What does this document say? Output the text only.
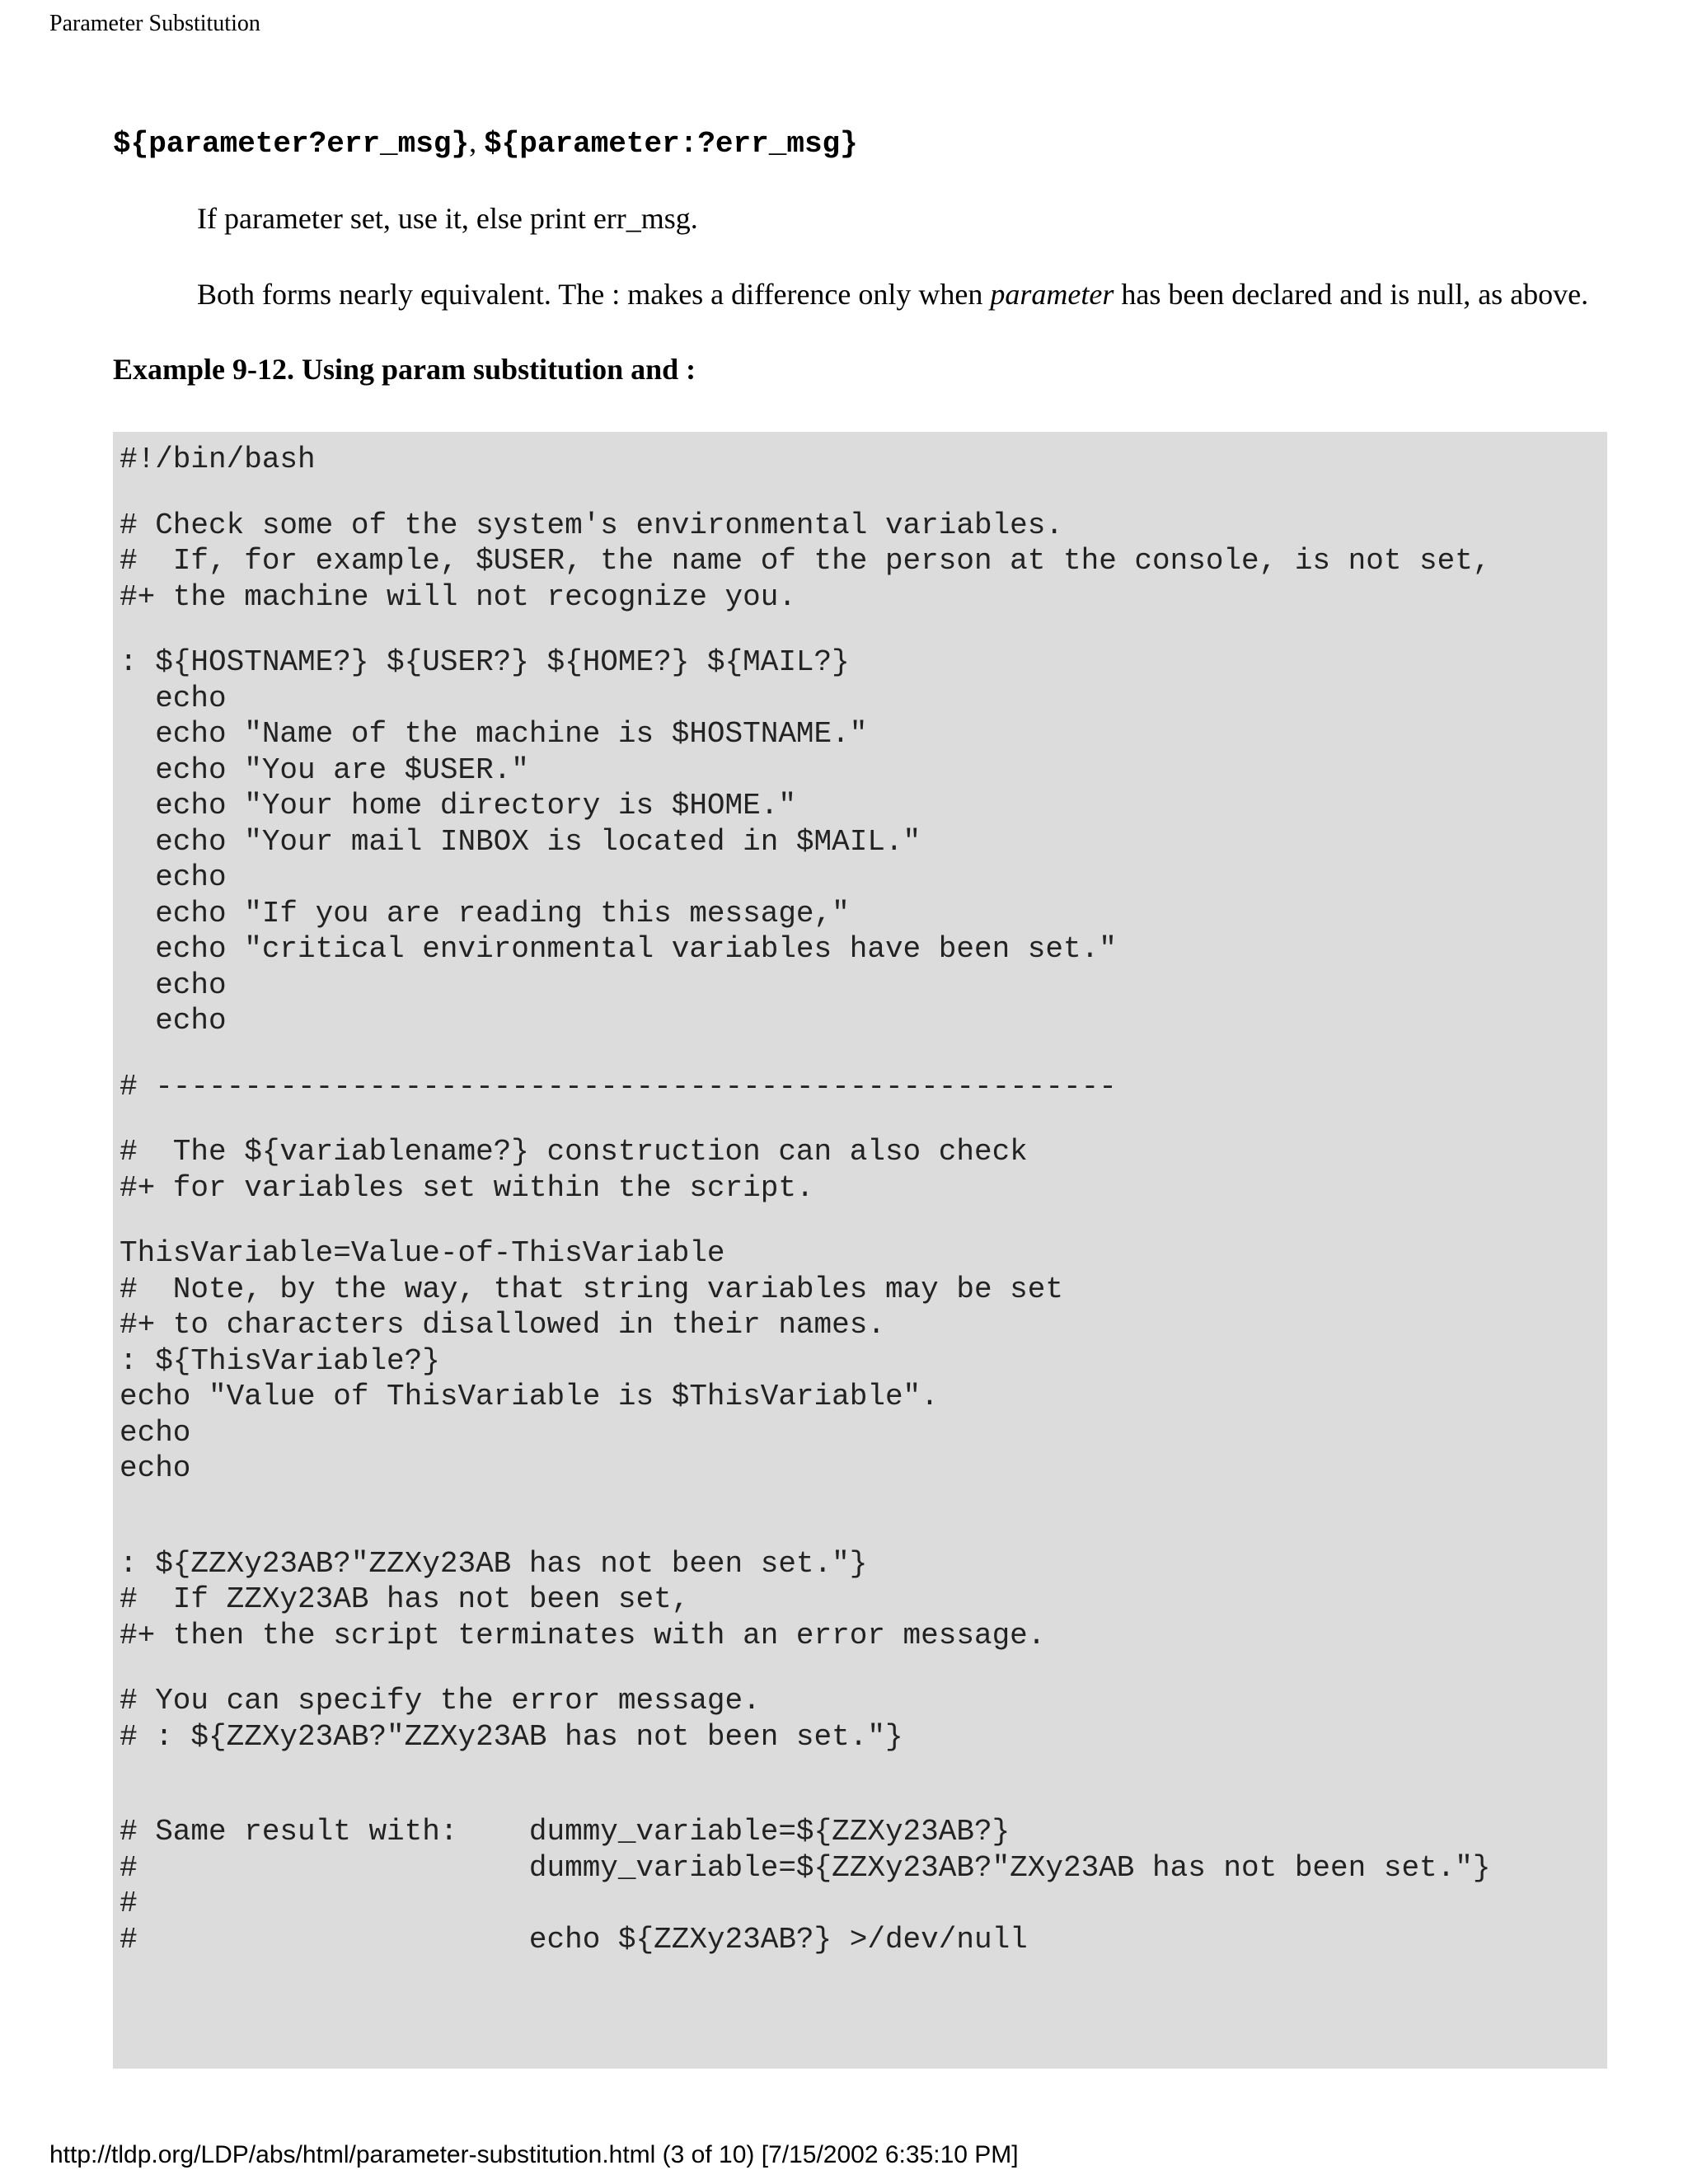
Parameter Substitution
${parameter?err_msg}, ${parameter:?err_msg}
If parameter set, use it, else print err_msg.
Both forms nearly equivalent. The : makes a difference only when parameter has been declared and is null, as above.
Example 9-12. Using param substitution and :
#!/bin/bash
# Check some of the system's environmental variables.
#  If, for example, $USER, the name of the person at the console, is not set,
#+ the machine will not recognize you.
: ${HOSTNAME?} ${USER?} ${HOME?} ${MAIL?}
echo
echo "Name of the machine is $HOSTNAME."
echo "You are $USER."
echo "Your home directory is $HOME."
echo "Your mail INBOX is located in $MAIL."
echo
echo "If you are reading this message,"
echo "critical environmental variables have been set."
echo
echo
# ------------------------------------------------------
#  The ${variablename?} construction can also check
#+ for variables set within the script.
ThisVariable=Value-of-ThisVariable
#  Note, by the way, that string variables may be set
#+ to characters disallowed in their names.
: ${ThisVariable?}
echo "Value of ThisVariable is $ThisVariable".
echo
echo
: ${ZZXy23AB?"ZZXy23AB has not been set."}
#  If ZZXy23AB has not been set,
#+ then the script terminates with an error message.
# You can specify the error message.
# : ${ZZXy23AB?"ZZXy23AB has not been set."}
# Same result with:    dummy_variable=${ZZXy23AB?}
#                      dummy_variable=${ZZXy23AB?"ZXy23AB has not been set."}
#
#                      echo ${ZZXy23AB?} >/dev/null
http://tldp.org/LDP/abs/html/parameter-substitution.html (3 of 10) [7/15/2002 6:35:10 PM]
